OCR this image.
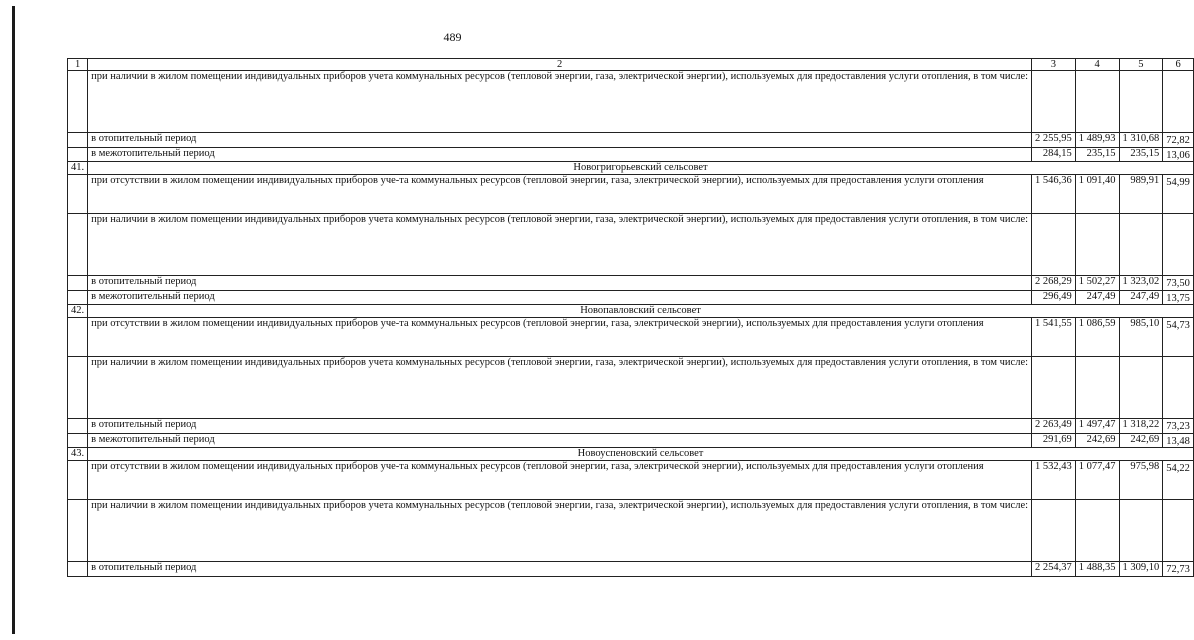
489
1	2	3	4	5	6
	при наличии в жилом помещении индивидуальных приборов учета коммунальных ресурсов (тепловой энергии, газа, электрической энергии), используемых для предоставления услуги отопления, в том числе:				
	в отопительный период	2 255,95	1 489,93	1 310,68	72,82
	в межотопительный период	284,15	235,15	235,15	13,06
41.	Новогригорьевский сельсовет				
	при отсутствии в жилом помещении индивидуальных приборов уче-та коммунальных ресурсов (тепловой энергии, газа, электрической энергии), используемых для предоставления услуги отопления	1 546,36	1 091,40	989,91	54,99
	при наличии в жилом помещении индивидуальных приборов учета коммунальных ресурсов (тепловой энергии, газа, электрической энергии), используемых для предоставления услуги отопления, в том числе:				
	в отопительный период	2 268,29	1 502,27	1 323,02	73,50
	в межотопительный период	296,49	247,49	247,49	13,75
42.	Новопавловский сельсовет				
	при отсутствии в жилом помещении индивидуальных приборов уче-та коммунальных ресурсов (тепловой энергии, газа, электрической энергии), используемых для предоставления услуги отопления	1 541,55	1 086,59	985,10	54,73
	при наличии в жилом помещении индивидуальных приборов учета коммунальных ресурсов (тепловой энергии, газа, электрической энергии), используемых для предоставления услуги отопления, в том числе:				
	в отопительный период	2 263,49	1 497,47	1 318,22	73,23
	в межотопительный период	291,69	242,69	242,69	13,48
43.	Новоуспеновский сельсовет				
	при отсутствии в жилом помещении индивидуальных приборов уче-та коммунальных ресурсов (тепловой энергии, газа, электрической энергии), используемых для предоставления услуги отопления	1 532,43	1 077,47	975,98	54,22
	при наличии в жилом помещении индивидуальных приборов учета коммунальных ресурсов (тепловой энергии, газа, электрической энергии), используемых для предоставления услуги отопления, в том числе:				
	в отопительный период	2 254,37	1 488,35	1 309,10	72,73
